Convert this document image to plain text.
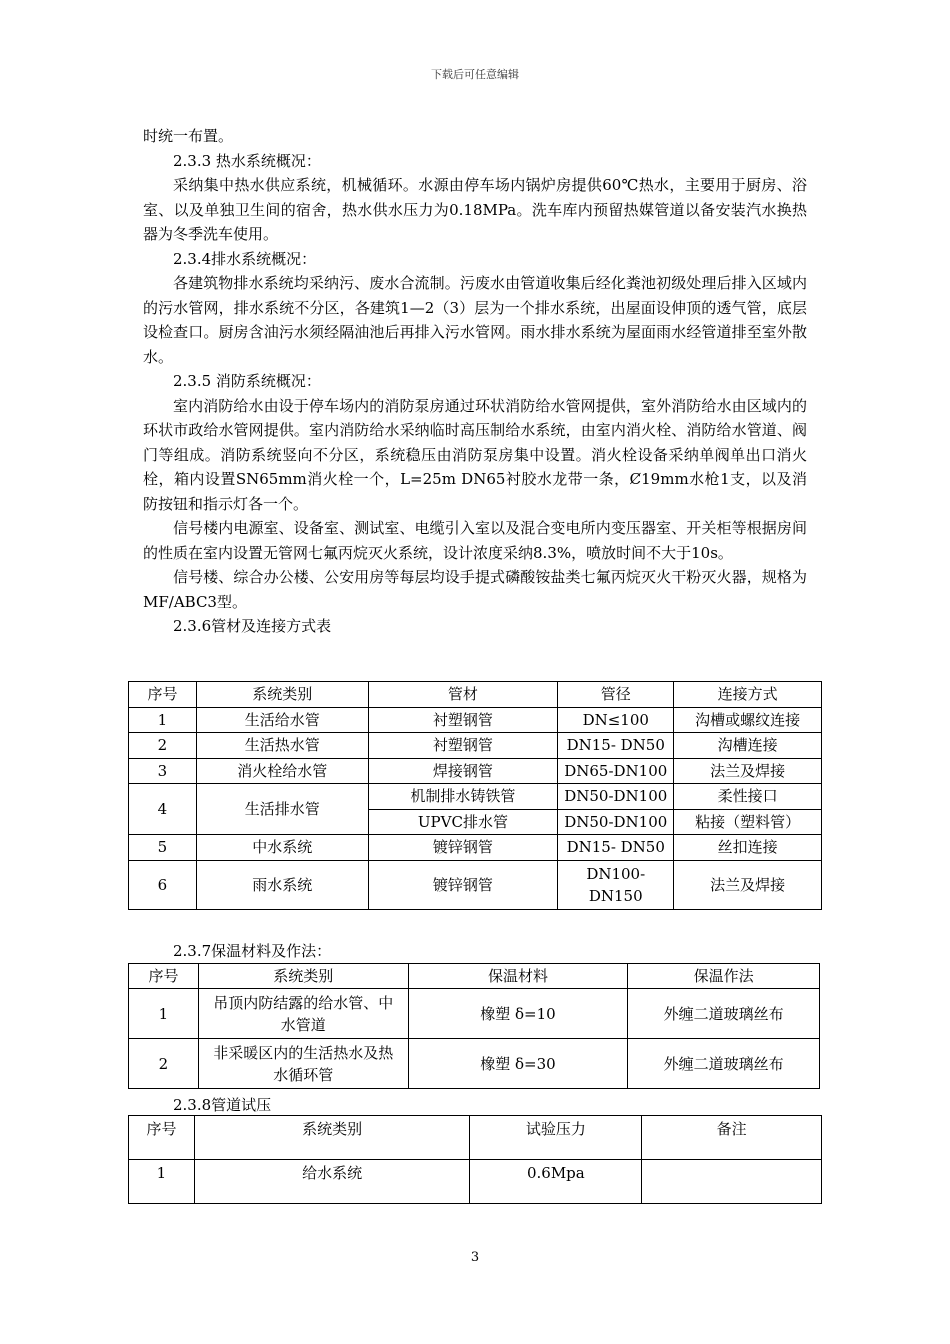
下载后可任意编辑

时统一布置。

2.3.3 热水系统概况：

采纳集中热水供应系统，机械循环。水源由停车场内锅炉房提供60℃热水，主要用于厨房、浴室、以及单独卫生间的宿舍，热水供水压力为0.18MPa。洗车库内预留热媒管道以备安装汽水换热器为冬季洗车使用。

2.3.4排水系统概况：

各建筑物排水系统均采纳污、废水合流制。污废水由管道收集后经化粪池初级处理后排入区域内的污水管网，排水系统不分区，各建筑1—2（3）层为一个排水系统，出屋面设伸顶的透气管，底层设检查口。厨房含油污水须经隔油池后再排入污水管网。雨水排水系统为屋面雨水经管道排至室外散水。

2.3.5 消防系统概况：

室内消防给水由设于停车场内的消防泵房通过环状消防给水管网提供，室外消防给水由区域内的环状市政给水管网提供。室内消防给水采纳临时高压制给水系统，由室内消火栓、消防给水管道、阀门等组成。消防系统竖向不分区，系统稳压由消防泵房集中设置。消火栓设备采纳单阀单出口消火栓，箱内设置SN65mm消火栓一个，L=25m DN65衬胶水龙带一条，Ȼ19mm水枪1支，以及消防按钮和指示灯各一个。

信号楼内电源室、设备室、测试室、电缆引入室以及混合变电所内变压器室、开关柜等根据房间的性质在室内设置无管网七氟丙烷灭火系统，设计浓度采纳8.3%，喷放时间不大于10s。

信号楼、综合办公楼、公安用房等每层均设手提式磷酸铵盐类七氟丙烷灭火干粉灭火器，规格为MF/ABC3型。

2.3.6管材及连接方式表

序号	系统类别	管材	管径	连接方式
1	生活给水管	衬塑钢管	DN≤100	沟槽或螺纹连接
2	生活热水管	衬塑钢管	DN15- DN50	沟槽连接
3	消火栓给水管	焊接钢管	DN65-DN100	法兰及焊接
4	生活排水管	机制排水铸铁管	DN50-DN100	柔性接口
		UPVC排水管	DN50-DN100	粘接（塑料管）
5	中水系统	镀锌钢管	DN15- DN50	丝扣连接
6	雨水系统	镀锌钢管	DN100-DN150	法兰及焊接
2.3.7保温材料及作法：
序号	系统类别	保温材料	保温作法
1	吊顶内防结露的给水管、中水管道	橡塑 δ=10	外缠二道玻璃丝布
2	非采暖区内的生活热水及热水循环管	橡塑 δ=30	外缠二道玻璃丝布
2.3.8管道试压
序号	系统类别	试验压力	备注
1	给水系统	0.6Mpa	
3
